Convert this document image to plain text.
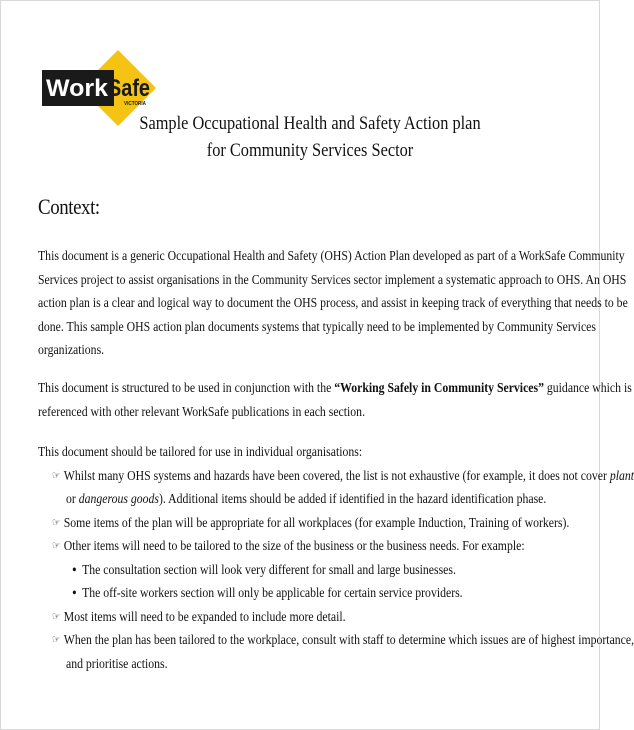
Work Safe
VICTORIA
Sample Occupational Health and Safety Action plan
for Community Services Sector
Context:
This document is a generic Occupational Health and Safety (OHS) Action Plan developed as part of a WorkSafe Community
Services project to assist organisations in the Community Services sector implement a systematic approach to OHS. An OHS
action plan is a clear and logical way to document the OHS process, and assist in keeping track of everything that needs to be
done. This sample OHS action plan documents systems that typically need to be implemented by Community Services
organizations.
This document is structured to be used in conjunction with the “Working Safely in Community Services” guidance which is
referenced with other relevant WorkSafe publications in each section.
This document should be tailored for use in individual organisations:
☞ Whilst many OHS systems and hazards have been covered, the list is not exhaustive (for example, it does not cover plant
or dangerous goods). Additional items should be added if identified in the hazard identification phase.
☞ Some items of the plan will be appropriate for all workplaces (for example Induction, Training of workers).
☞ Other items will need to be tailored to the size of the business or the business needs. For example:
• The consultation section will look very different for small and large businesses.
• The off-site workers section will only be applicable for certain service providers.
☞ Most items will need to be expanded to include more detail.
☞ When the plan has been tailored to the workplace, consult with staff to determine which issues are of highest importance,
and prioritise actions.
